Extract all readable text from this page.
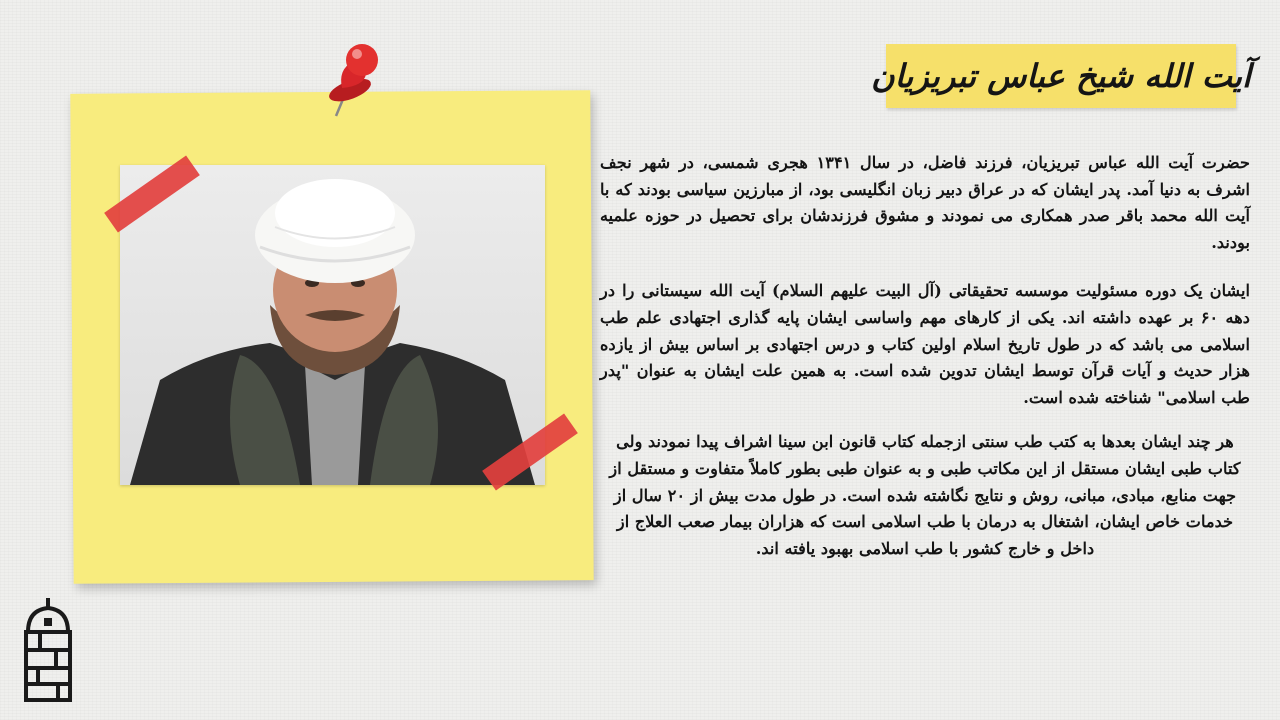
آیت الله شیخ عباس تبریزیان

حضرت آیت الله عباس تبریزیان، فرزند فاضل، در سال ۱۳۴۱ هجری شمسی، در شهر نجف اشرف به دنیا آمد. پدر ایشان که در عراق دبیر زبان انگلیسی بود، از مبارزین سیاسی بودند که با آیت الله محمد باقر صدر همکاری می نمودند و مشوق فرزندشان برای تحصیل در حوزه علمیه بودند.

ایشان یک دوره مسئولیت موسسه تحقیقاتی (آل البیت علیهم السلام) آیت الله سیستانی را در دهه ۶۰ بر عهده داشته اند. یکی از کارهای مهم واساسی ایشان پایه گذاری اجتهادی علم طب اسلامی می باشد که در طول تاریخ اسلام اولین کتاب و درس اجتهادی بر اساس بیش از یازده هزار حدیث و آیات قرآن توسط ایشان تدوین شده است. به همین علت ایشان به عنوان "پدر طب اسلامی" شناخته شده است.

هر چند ایشان بعدها به کتب طب سنتی ازجمله کتاب قانون ابن سینا اشراف پیدا نمودند ولی کتاب طبی ایشان مستقل از این مکاتب طبی و به عنوان طبی بطور کاملاً متفاوت و مستقل از جهت منابع، مبادی، مبانی، روش و نتایج نگاشته شده است. در طول مدت بیش از ۲۰ سال از خدمات خاص ایشان، اشتغال به درمان با طب اسلامی است که هزاران بیمار صعب العلاج از داخل و خارج کشور با طب اسلامی بهبود یافته اند.
